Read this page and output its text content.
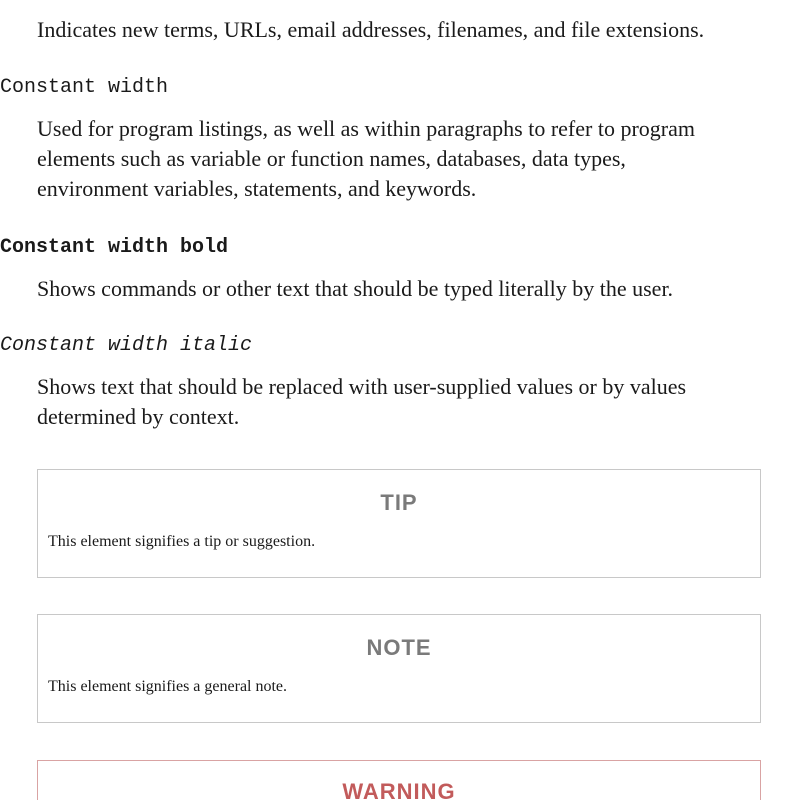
Indicates new terms, URLs, email addresses, filenames, and file extensions.

Constant width

Used for program listings, as well as within paragraphs to refer to program
elements such as variable or function names, databases, data types,
environment variables, statements, and keywords.

Constant width bold

Shows commands or other text that should be typed literally by the user.

Constant width italic

Shows text that should be replaced with user-supplied values or by values
determined by context.
TIP
This element signifies a tip or suggestion.
NOTE
This element signifies a general note.
WARNING
